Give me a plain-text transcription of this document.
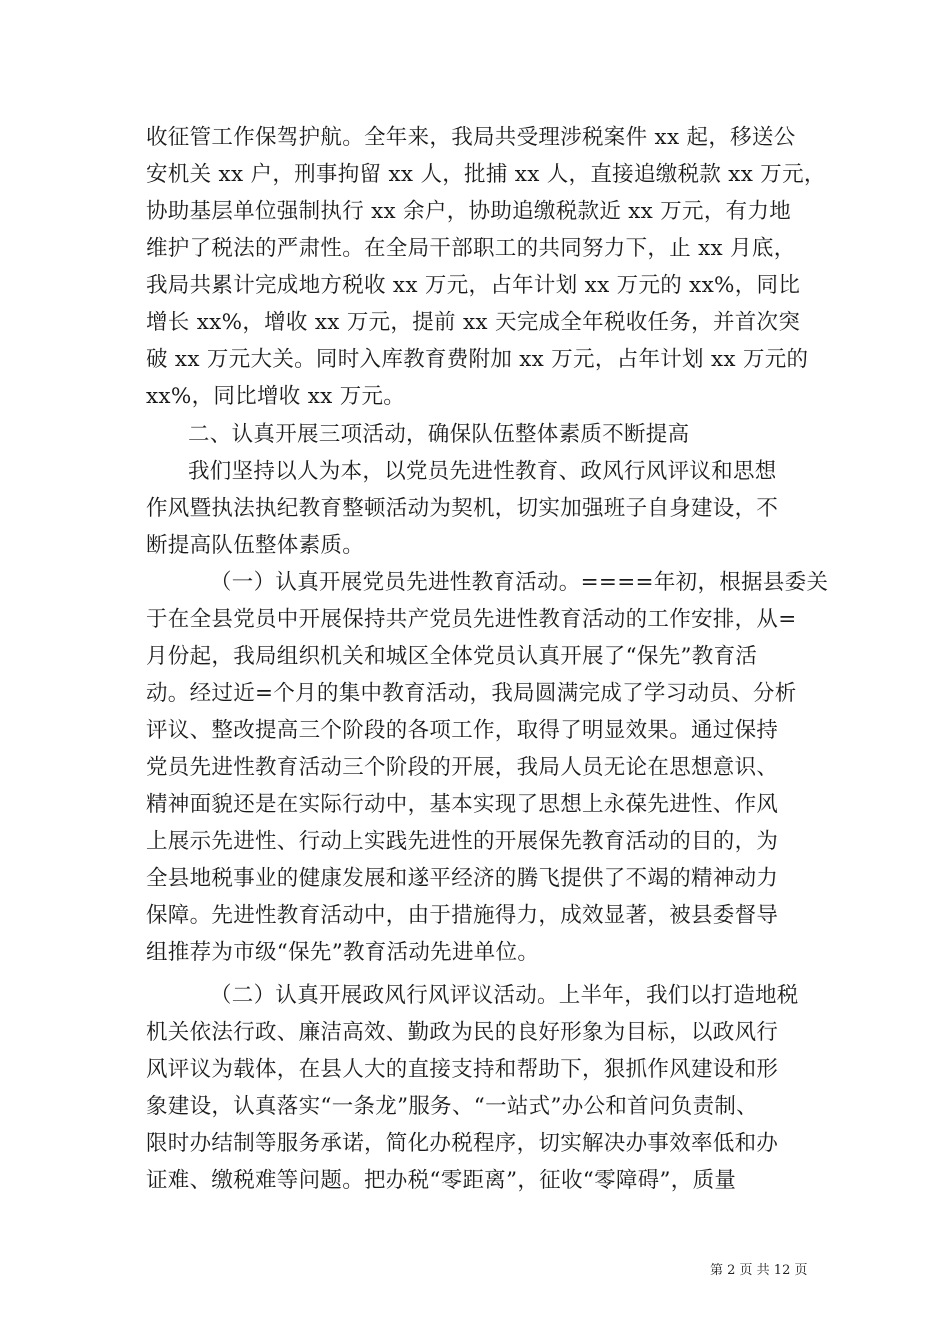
收征管工作保驾护航。全年来，我局共受理涉税案件 xx 起，移送公
安机关 xx 户，刑事拘留 xx 人，批捕 xx 人，直接追缴税款 xx 万元，
协助基层单位强制执行 xx 余户，协助追缴税款近 xx 万元，有力地
维护了税法的严肃性。在全局干部职工的共同努力下，止 xx 月底，
我局共累计完成地方税收 xx 万元，占年计划 xx 万元的 xx%，同比
增长 xx%，增收 xx 万元，提前 xx 天完成全年税收任务，并首次突
破 xx 万元大关。同时入库教育费附加 xx 万元，占年计划 xx 万元的
xx%，同比增收 xx 万元。
二、认真开展三项活动，确保队伍整体素质不断提高
我们坚持以人为本，以党员先进性教育、政风行风评议和思想
作风暨执法执纪教育整顿活动为契机，切实加强班子自身建设，不
断提高队伍整体素质。
（一）认真开展党员先进性教育活动。====年初，根据县委关
于在全县党员中开展保持共产党员先进性教育活动的工作安排，从=
月份起，我局组织机关和城区全体党员认真开展了“保先”教育活
动。经过近=个月的集中教育活动，我局圆满完成了学习动员、分析
评议、整改提高三个阶段的各项工作，取得了明显效果。通过保持
党员先进性教育活动三个阶段的开展，我局人员无论在思想意识、
精神面貌还是在实际行动中，基本实现了思想上永葆先进性、作风
上展示先进性、行动上实践先进性的开展保先教育活动的目的，为
全县地税事业的健康发展和遂平经济的腾飞提供了不竭的精神动力
保障。先进性教育活动中，由于措施得力，成效显著，被县委督导
组推荐为市级“保先”教育活动先进单位。
（二）认真开展政风行风评议活动。上半年，我们以打造地税
机关依法行政、廉洁高效、勤政为民的良好形象为目标，以政风行
风评议为载体，在县人大的直接支持和帮助下，狠抓作风建设和形
象建设，认真落实“一条龙”服务、“一站式”办公和首问负责制、
限时办结制等服务承诺，简化办税程序，切实解决办事效率低和办
证难、缴税难等问题。把办税“零距离”，征收“零障碍”，质量
第 2 页 共 12 页
